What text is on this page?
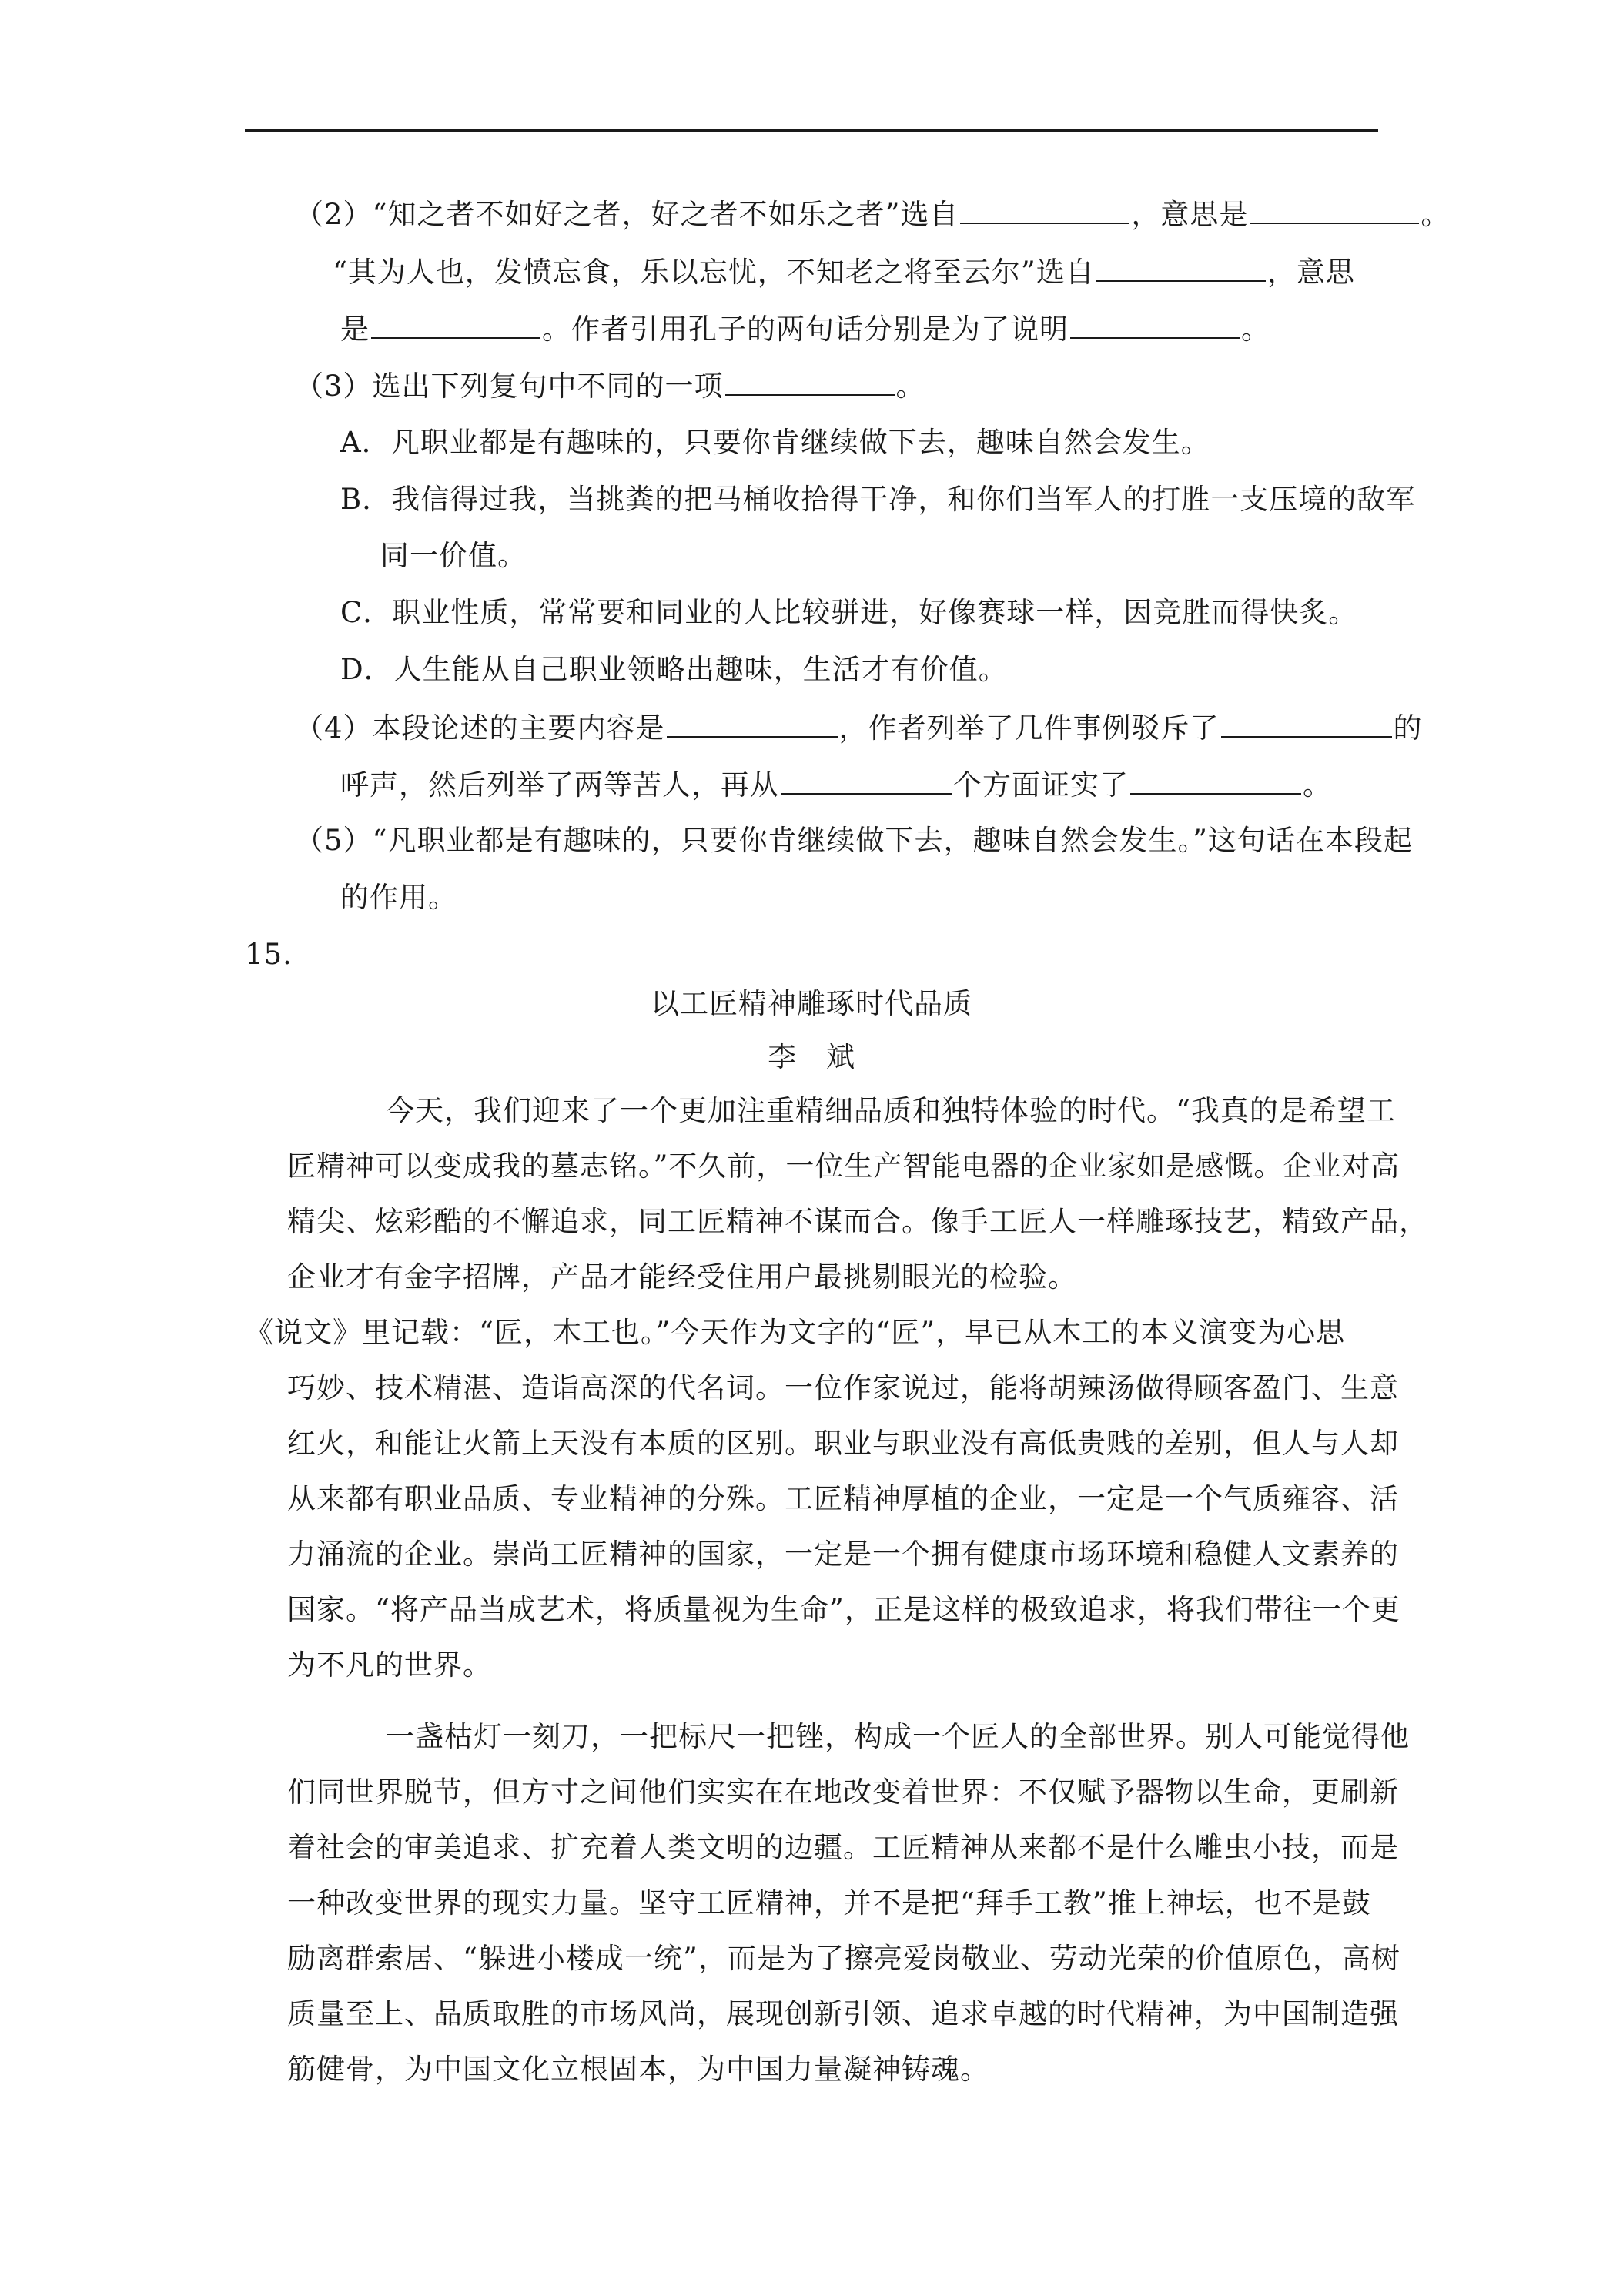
（2）“知之者不如好之者，好之者不如乐之者”选自	，意思是	。
“其为人也，发愤忘食，乐以忘忧，不知老之将至云尔”选自	，意思
是	。作者引用孔子的两句话分别是为了说明	。
（3）选出下列复句中不同的一项	。
A．凡职业都是有趣味的，只要你肯继续做下去，趣味自然会发生。
B．我信得过我，当挑粪的把马桶收拾得干净，和你们当军人的打胜一支压境的敌军
同一价值。
C．职业性质，常常要和同业的人比较骈进，好像赛球一样，因竞胜而得快炙。
D．人生能从自己职业领略出趣味，生活才有价值。
（4）本段论述的主要内容是	，作者列举了几件事例驳斥了	的
呼声，然后列举了两等苦人，再从	个方面证实了	。
（5）“凡职业都是有趣味的，只要你肯继续做下去，趣味自然会发生。”这句话在本段起
的作用。
15.
以工匠精神雕琢时代品质
李　斌
今天，我们迎来了一个更加注重精细品质和独特体验的时代。“我真的是希望工
匠精神可以变成我的墓志铭。”不久前，一位生产智能电器的企业家如是感慨。企业对高
精尖、炫彩酷的不懈追求，同工匠精神不谋而合。像手工匠人一样雕琢技艺，精致产品，
企业才有金字招牌，产品才能经受住用户最挑剔眼光的检验。
《说文》里记载：“匠，木工也。”今天作为文字的“匠”，早已从木工的本义演变为心思
巧妙、技术精湛、造诣高深的代名词。一位作家说过，能将胡辣汤做得顾客盈门、生意
红火，和能让火箭上天没有本质的区别。职业与职业没有高低贵贱的差别，但人与人却
从来都有职业品质、专业精神的分殊。工匠精神厚植的企业，一定是一个气质雍容、活
力涌流的企业。崇尚工匠精神的国家，一定是一个拥有健康市场环境和稳健人文素养的
国家。“将产品当成艺术，将质量视为生命”，正是这样的极致追求，将我们带往一个更
为不凡的世界。
一盏枯灯一刻刀，一把标尺一把锉，构成一个匠人的全部世界。别人可能觉得他
们同世界脱节，但方寸之间他们实实在在地改变着世界：不仅赋予器物以生命，更刷新
着社会的审美追求、扩充着人类文明的边疆。工匠精神从来都不是什么雕虫小技，而是
一种改变世界的现实力量。坚守工匠精神，并不是把“拜手工教”推上神坛，也不是鼓
励离群索居、“躲进小楼成一统”，而是为了擦亮爱岗敬业、劳动光荣的价值原色，高树
质量至上、品质取胜的市场风尚，展现创新引领、追求卓越的时代精神，为中国制造强
筋健骨，为中国文化立根固本，为中国力量凝神铸魂。
